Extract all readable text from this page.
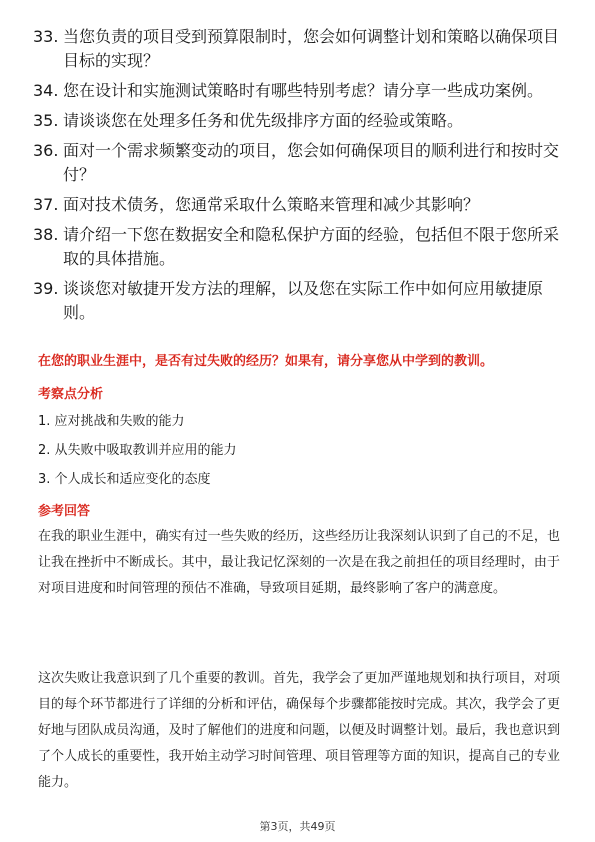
33. 当您负责的项目受到预算限制时，您会如何调整计划和策略以确保项目目标的实现？
34. 您在设计和实施测试策略时有哪些特别考虑？请分享一些成功案例。
35. 请谈谈您在处理多任务和优先级排序方面的经验或策略。
36. 面对一个需求频繁变动的项目，您会如何确保项目的顺利进行和按时交付？
37. 面对技术债务，您通常采取什么策略来管理和减少其影响？
38. 请介绍一下您在数据安全和隐私保护方面的经验，包括但不限于您所采取的具体措施。
39. 谈谈您对敏捷开发方法的理解，以及您在实际工作中如何应用敏捷原则。
在您的职业生涯中，是否有过失败的经历？如果有，请分享您从中学到的教训。
考察点分析
1. 应对挑战和失败的能力
2. 从失败中吸取教训并应用的能力
3. 个人成长和适应变化的态度
参考回答
在我的职业生涯中，确实有过一些失败的经历，这些经历让我深刻认识到了自己的不足，也让我在挫折中不断成长。其中，最让我记忆深刻的一次是在我之前担任的项目经理时，由于对项目进度和时间管理的预估不准确，导致项目延期，最终影响了客户的满意度。
这次失败让我意识到了几个重要的教训。首先，我学会了更加严谨地规划和执行项目，对项目的每个环节都进行了详细的分析和评估，确保每个步骤都能按时完成。其次，我学会了更好地与团队成员沟通，及时了解他们的进度和问题，以便及时调整计划。最后，我也意识到了个人成长的重要性，我开始主动学习时间管理、项目管理等方面的知识，提高自己的专业能力。
第3页，共49页
